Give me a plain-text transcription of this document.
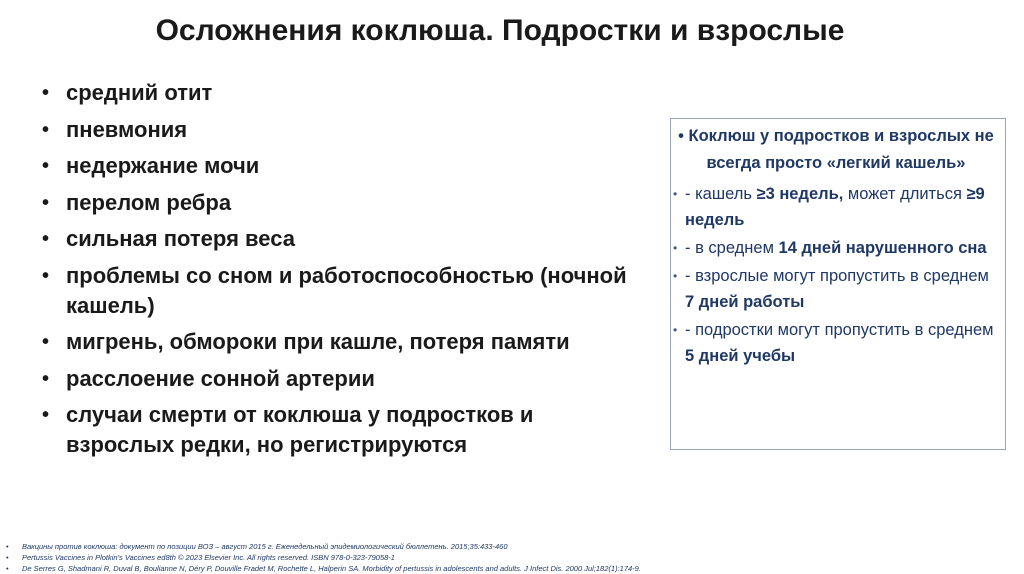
Осложнения коклюша. Подростки и взрослые
• средний отит
• пневмония
• недержание мочи
• перелом ребра
• сильная потеря веса
• проблемы со сном и работоспособностью (ночной кашель)
• мигрень, обмороки при кашле, потеря памяти
• расслоение сонной артерии
• случаи смерти от коклюша у подростков и взрослых редки, но регистрируются

• Коклюш у подростков и взрослых не всегда просто «легкий кашель»

• - кашель ≥3 недель, может длиться ≥9 недель
• - в среднем 14 дней нарушенного сна
• - взрослые могут пропустить в среднем 7 дней работы
• - подростки могут пропустить в среднем 5 дней учебы
• Вакцины против коклюша: документ по позиции ВОЗ – август 2015 г. Еженедельный эпидемиологический бюллетень. 2015;35:433-460
• Pertussis Vaccines in Plotkin's Vaccines ed8th © 2023 Elsevier Inc. All rights reserved. ISBN 978-0-323-79058-1
• De Serres G, Shadmani R, Duval B, Boulianne N, Déry P, Douville Fradet M, Rochette L, Halperin SA. Morbidity of pertussis in adolescents and adults. J Infect Dis. 2000 Jul;182(1):174-9.
